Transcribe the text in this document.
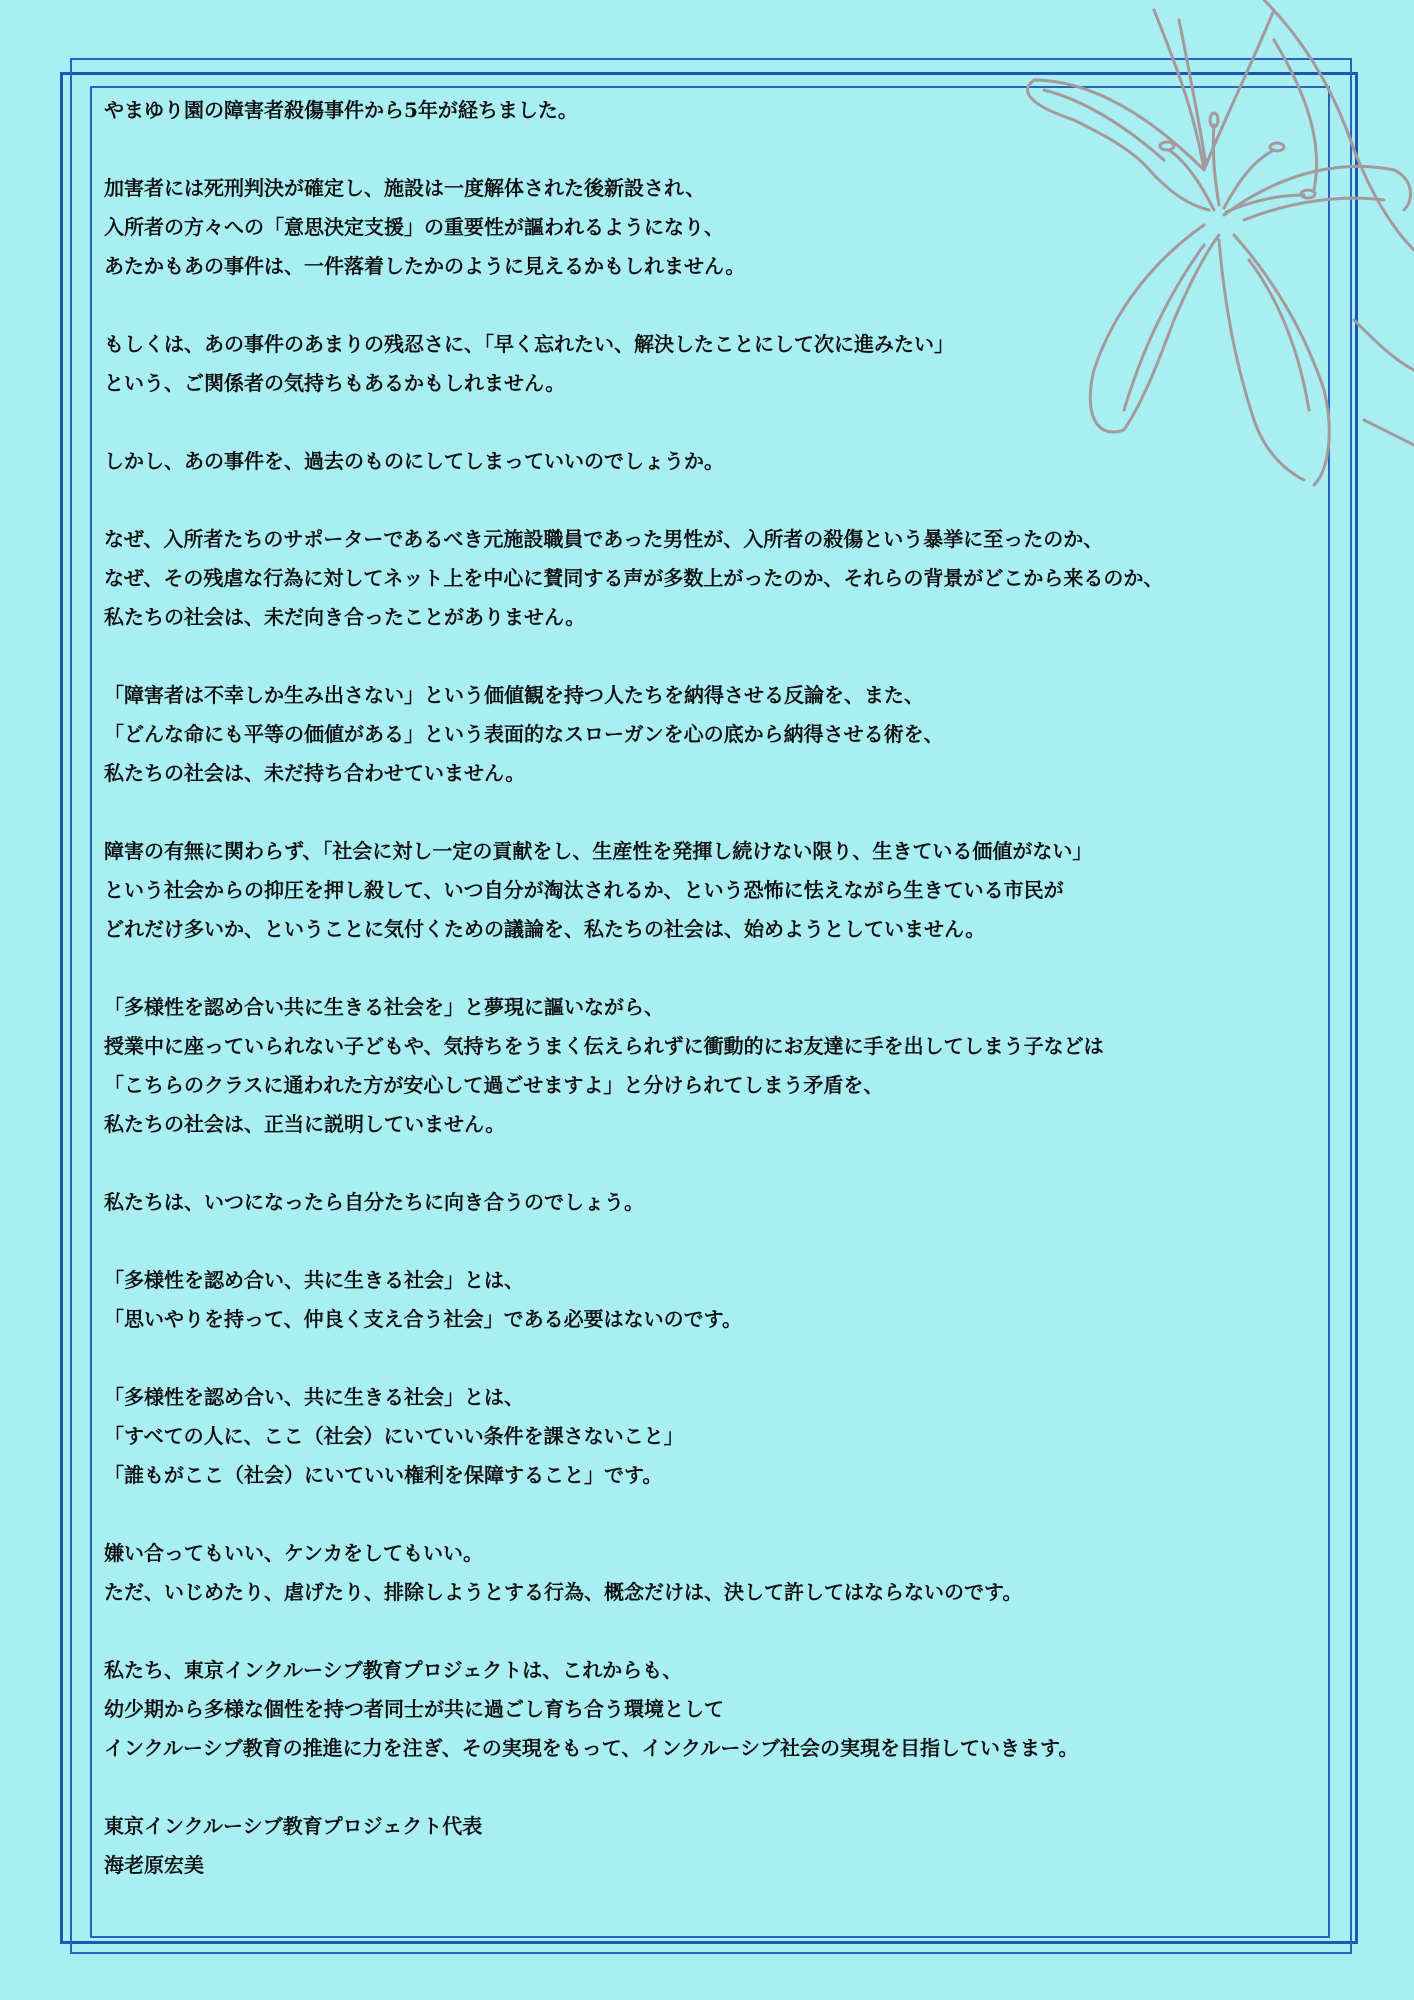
やまゆり園の障害者殺傷事件から5年が経ちました。
加害者には死刑判決が確定し、施設は一度解体された後新設され、
入所者の方々への「意思決定支援」の重要性が謳われるようになり、
あたかもあの事件は、一件落着したかのように見えるかもしれません。
もしくは、あの事件のあまりの残忍さに、「早く忘れたい、解決したことにして次に進みたい」
という、ご関係者の気持ちもあるかもしれません。
しかし、あの事件を、過去のものにしてしまっていいのでしょうか。
なぜ、入所者たちのサポーターであるべき元施設職員であった男性が、入所者の殺傷という暴挙に至ったのか、
なぜ、その残虐な行為に対してネット上を中心に賛同する声が多数上がったのか、それらの背景がどこから来るのか、
私たちの社会は、未だ向き合ったことがありません。
「障害者は不幸しか生み出さない」という価値観を持つ人たちを納得させる反論を、また、
「どんな命にも平等の価値がある」という表面的なスローガンを心の底から納得させる術を、
私たちの社会は、未だ持ち合わせていません。
障害の有無に関わらず、「社会に対し一定の貢献をし、生産性を発揮し続けない限り、生きている価値がない」
という社会からの抑圧を押し殺して、いつ自分が淘汰されるか、という恐怖に怯えながら生きている市民が
どれだけ多いか、ということに気付くための議論を、私たちの社会は、始めようとしていません。
「多様性を認め合い共に生きる社会を」と夢現に謳いながら、
授業中に座っていられない子どもや、気持ちをうまく伝えられずに衝動的にお友達に手を出してしまう子などは
「こちらのクラスに通われた方が安心して過ごせますよ」と分けられてしまう矛盾を、
私たちの社会は、正当に説明していません。
私たちは、いつになったら自分たちに向き合うのでしょう。
「多様性を認め合い、共に生きる社会」とは、
「思いやりを持って、仲良く支え合う社会」である必要はないのです。
「多様性を認め合い、共に生きる社会」とは、
「すべての人に、ここ（社会）にいていい条件を課さないこと」
「誰もがここ（社会）にいていい権利を保障すること」です。
嫌い合ってもいい、ケンカをしてもいい。
ただ、いじめたり、虐げたり、排除しようとする行為、概念だけは、決して許してはならないのです。
私たち、東京インクルーシブ教育プロジェクトは、これからも、
幼少期から多様な個性を持つ者同士が共に過ごし育ち合う環境として
インクルーシブ教育の推進に力を注ぎ、その実現をもって、インクルーシブ社会の実現を目指していきます。
東京インクルーシブ教育プロジェクト代表
海老原宏美
